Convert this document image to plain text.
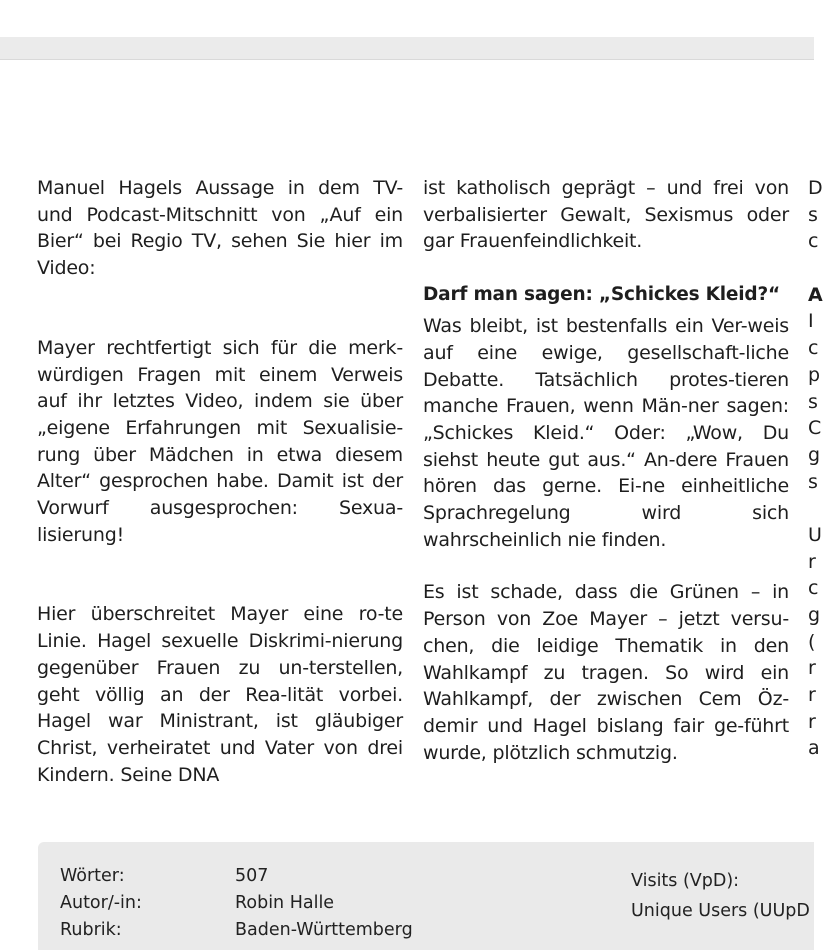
Manuel Hagels Aussage in dem TV- und Podcast-Mitschnitt von „Auf ein Bier“ bei Regio TV, sehen Sie hier im Video:

Mayer rechtfertigt sich für die merk-würdigen Fragen mit einem Verweis auf ihr letztes Video, indem sie über „eigene Erfahrungen mit Sexualisie-rung über Mädchen in etwa diesem Alter“ gesprochen habe. Damit ist der Vorwurf ausgesprochen: Sexua-lisierung!

Hier überschreitet Mayer eine ro-te Linie. Hagel sexuelle Diskrimi-nierung gegenüber Frauen zu un-terstellen, geht völlig an der Rea-lität vorbei. Hagel war Ministrant, ist gläubiger Christ, verheiratet und Vater von drei Kindern. Seine DNA

ist katholisch geprägt – und frei von verbalisierter Gewalt, Sexismus oder gar Frauenfeindlichkeit.

Darf man sagen: „Schickes Kleid?“

Was bleibt, ist bestenfalls ein Ver-weis auf eine ewige, gesellschaft-liche Debatte. Tatsächlich protes-tieren manche Frauen, wenn Män-ner sagen: „Schickes Kleid.“ Oder: „Wow, Du siehst heute gut aus.“ An-dere Frauen hören das gerne. Ei-ne einheitliche Sprachregelung wird sich wahrscheinlich nie finden.

Es ist schade, dass die Grünen – in Person von Zoe Mayer – jetzt versu-chen, die leidige Thematik in den Wahlkampf zu tragen. So wird ein Wahlkampf, der zwischen Cem Öz-demir und Hagel bislang fair ge-führt wurde, plötzlich schmutzig.

D
s
c
A
I
c
p
s
C
g
s
U
r
c
g
(
r
r
r
a
Wörter:
Autor/-in:
Rubrik:
507
Robin Halle
Baden-Württemberg
Visits (VpD):
Unique Users (UUpD
